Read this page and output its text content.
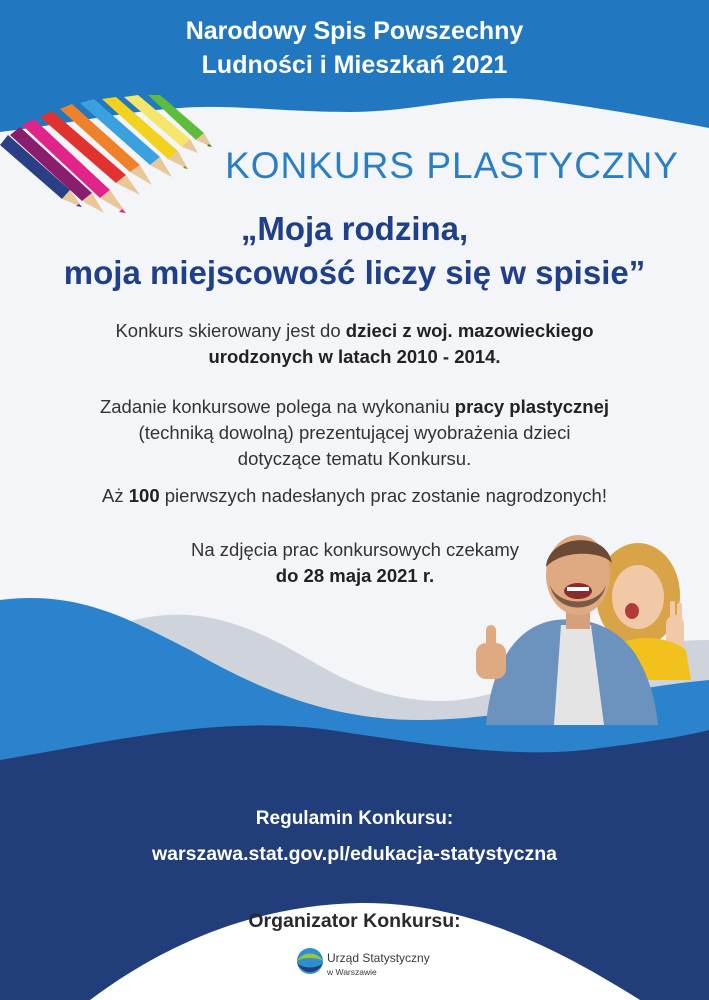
Narodowy Spis Powszechny
Ludności i Mieszkań 2021
KONKURS PLASTYCZNY
„Moja rodzina,
moja miejscowość liczy się w spisie”
Konkurs skierowany jest do dzieci z woj. mazowieckiego
urodzonych w latach 2010 - 2014.
Zadanie konkursowe polega na wykonaniu pracy plastycznej
(techniką dowolną) prezentującej wyobrażenia dzieci
dotyczące tematu Konkursu.
Aż 100 pierwszych nadesłanych prac zostanie nagrodzonych!
Na zdjęcia prac konkursowych czekamy
do 28 maja 2021 r.
Regulamin Konkursu:
warszawa.stat.gov.pl/edukacja-statystyczna
Organizator Konkursu:
Urząd Statystyczny
w Warszawie
